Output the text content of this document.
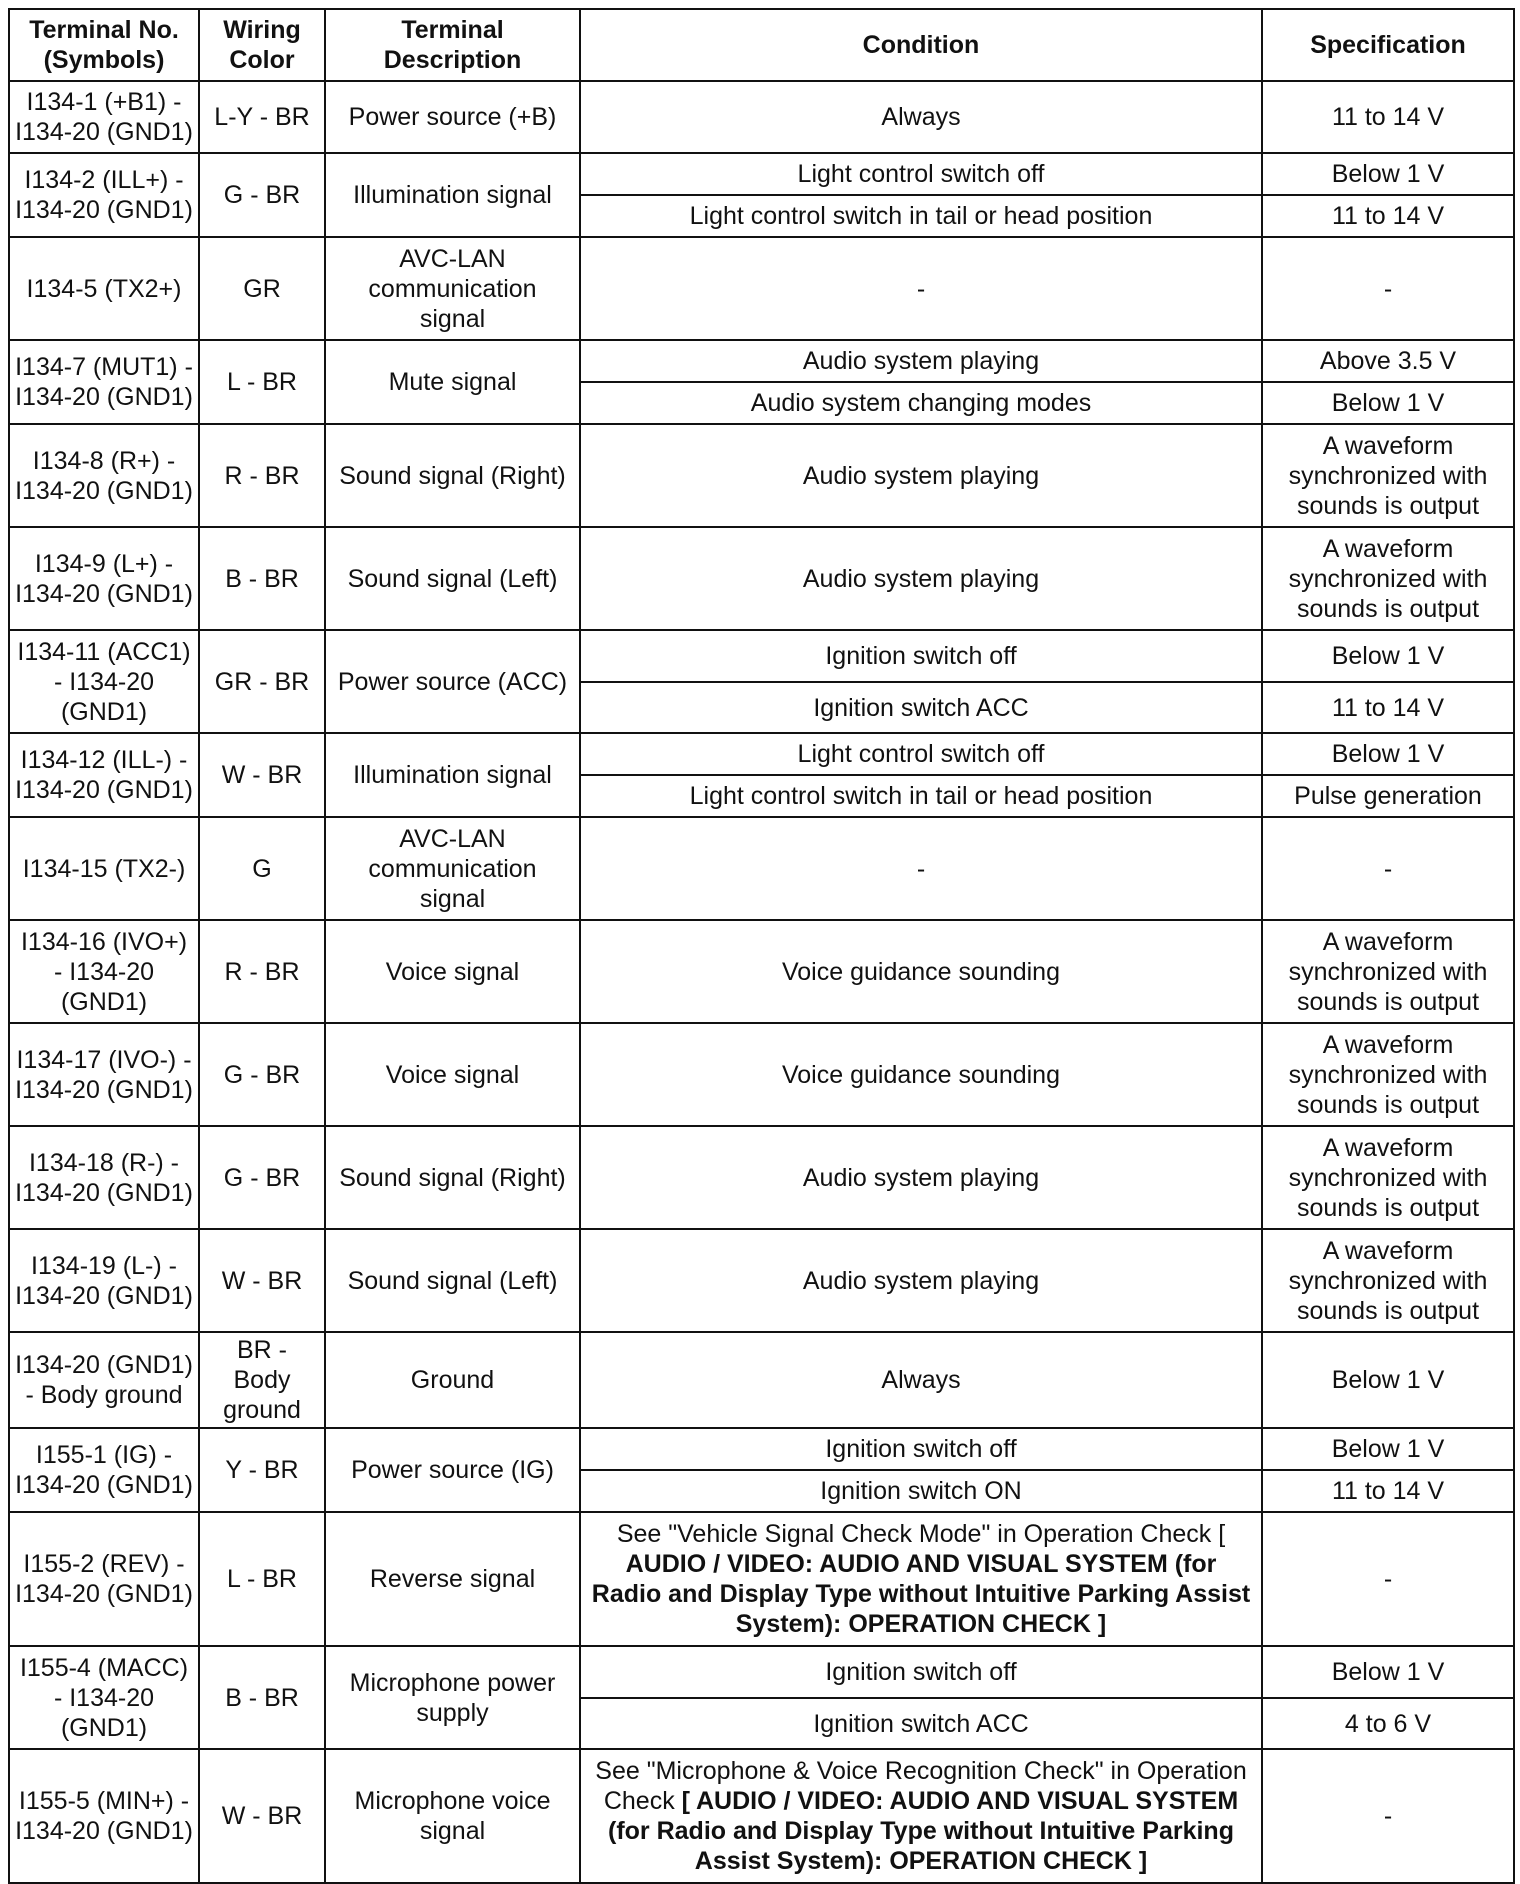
Terminal No. (Symbols)	Wiring Color	Terminal Description	Condition	Specification
I134-1 (+B1) - I134-20 (GND1)	L-Y - BR	Power source (+B)	Always	11 to 14 V
I134-2 (ILL+) - I134-20 (GND1)	G - BR	Illumination signal	Light control switch off	Below 1 V
			Light control switch in tail or head position	11 to 14 V
I134-5 (TX2+)	GR	AVC-LAN communication signal	-	-
I134-7 (MUT1) - I134-20 (GND1)	L - BR	Mute signal	Audio system playing	Above 3.5 V
			Audio system changing modes	Below 1 V
I134-8 (R+) - I134-20 (GND1)	R - BR	Sound signal (Right)	Audio system playing	A waveform synchronized with sounds is output
I134-9 (L+) - I134-20 (GND1)	B - BR	Sound signal (Left)	Audio system playing	A waveform synchronized with sounds is output
I134-11 (ACC1) - I134-20 (GND1)	GR - BR	Power source (ACC)	Ignition switch off	Below 1 V
			Ignition switch ACC	11 to 14 V
I134-12 (ILL-) - I134-20 (GND1)	W - BR	Illumination signal	Light control switch off	Below 1 V
			Light control switch in tail or head position	Pulse generation
I134-15 (TX2-)	G	AVC-LAN communication signal	-	-
I134-16 (IVO+) - I134-20 (GND1)	R - BR	Voice signal	Voice guidance sounding	A waveform synchronized with sounds is output
I134-17 (IVO-) - I134-20 (GND1)	G - BR	Voice signal	Voice guidance sounding	A waveform synchronized with sounds is output
I134-18 (R-) - I134-20 (GND1)	G - BR	Sound signal (Right)	Audio system playing	A waveform synchronized with sounds is output
I134-19 (L-) - I134-20 (GND1)	W - BR	Sound signal (Left)	Audio system playing	A waveform synchronized with sounds is output
I134-20 (GND1) - Body ground	BR - Body ground	Ground	Always	Below 1 V
I155-1 (IG) - I134-20 (GND1)	Y - BR	Power source (IG)	Ignition switch off	Below 1 V
			Ignition switch ON	11 to 14 V
I155-2 (REV) - I134-20 (GND1)	L - BR	Reverse signal	See "Vehicle Signal Check Mode" in Operation Check [ AUDIO / VIDEO: AUDIO AND VISUAL SYSTEM (for Radio and Display Type without Intuitive Parking Assist System): OPERATION CHECK ]	-
I155-4 (MACC) - I134-20 (GND1)	B - BR	Microphone power supply	Ignition switch off	Below 1 V
			Ignition switch ACC	4 to 6 V
I155-5 (MIN+) - I134-20 (GND1)	W - BR	Microphone voice signal	See "Microphone & Voice Recognition Check" in Operation Check [ AUDIO / VIDEO: AUDIO AND VISUAL SYSTEM (for Radio and Display Type without Intuitive Parking Assist System): OPERATION CHECK ]	-
